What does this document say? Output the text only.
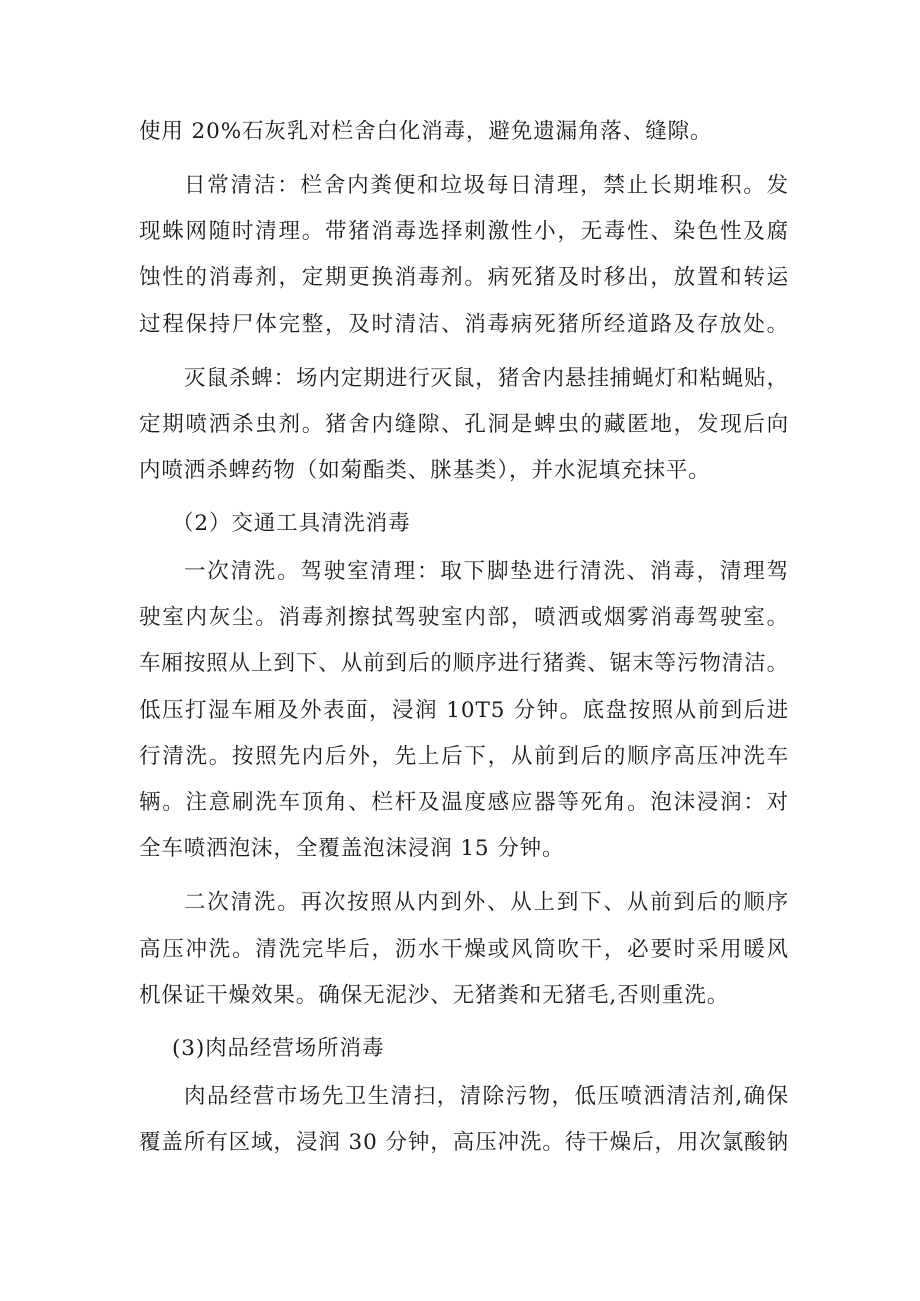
使用 20%石灰乳对栏舍白化消毒，避免遗漏角落、缝隙。
日常清洁：栏舍内粪便和垃圾每日清理，禁止长期堆积。发
现蛛网随时清理。带猪消毒选择刺激性小，无毒性、染色性及腐
蚀性的消毒剂，定期更换消毒剂。病死猪及时移出，放置和转运
过程保持尸体完整，及时清洁、消毒病死猪所经道路及存放处。
灭鼠杀蜱：场内定期进行灭鼠，猪舍内悬挂捕蝇灯和粘蝇贴，
定期喷洒杀虫剂。猪舍内缝隙、孔洞是蜱虫的藏匿地，发现后向
内喷洒杀蜱药物（如菊酯类、脒基类），并水泥填充抹平。
（2）交通工具清洗消毒
一次清洗。驾驶室清理：取下脚垫进行清洗、消毒，清理驾
驶室内灰尘。消毒剂擦拭驾驶室内部，喷洒或烟雾消毒驾驶室。
车厢按照从上到下、从前到后的顺序进行猪粪、锯末等污物清洁。
低压打湿车厢及外表面，浸润 10T5 分钟。底盘按照从前到后进
行清洗。按照先内后外，先上后下，从前到后的顺序高压冲洗车
辆。注意刷洗车顶角、栏杆及温度感应器等死角。泡沫浸润：对
全车喷洒泡沫，全覆盖泡沫浸润 15 分钟。
二次清洗。再次按照从内到外、从上到下、从前到后的顺序
高压冲洗。清洗完毕后，沥水干燥或风筒吹干，必要时采用暖风
机保证干燥效果。确保无泥沙、无猪粪和无猪毛,否则重洗。
(3)肉品经营场所消毒
肉品经营市场先卫生清扫，清除污物，低压喷洒清洁剂,确保
覆盖所有区域，浸润 30 分钟，高压冲洗。待干燥后，用次氯酸钠
